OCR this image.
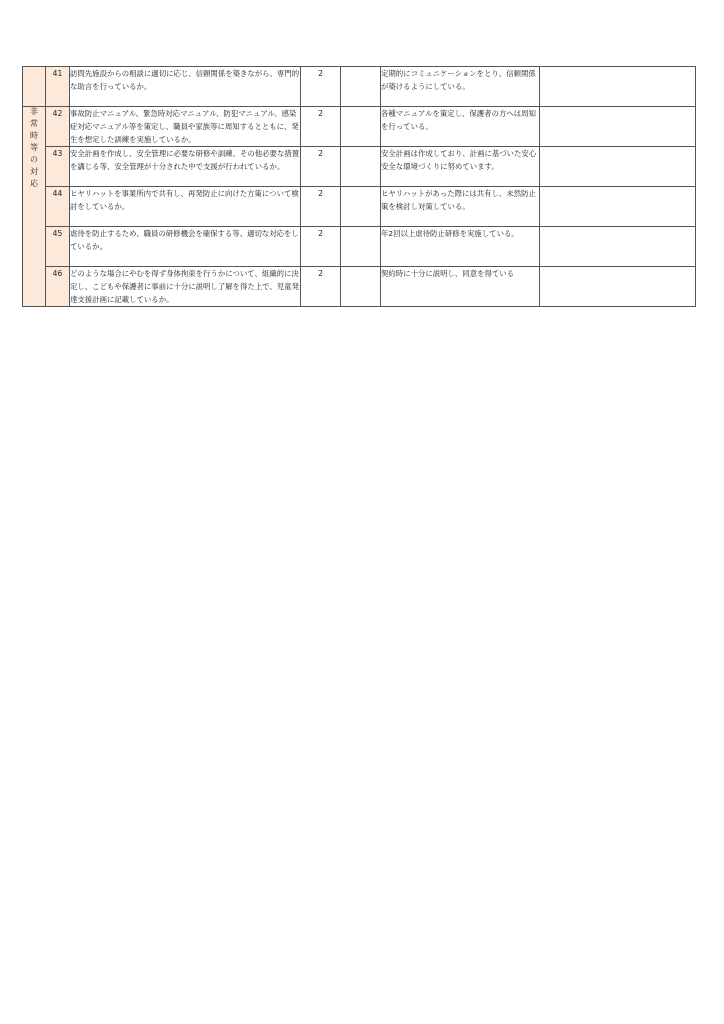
	41	訪問先施設からの相談に適切に応じ、信頼関係を築きながら、専門的な助言を行っているか。	2		定期的にコミュニケーションをとり、信頼関係が築けるようにしている。	
非常時等の対応	42	事故防止マニュアル、緊急時対応マニュアル、防犯マニュアル、感染症対応マニュアル等を策定し、職員や家族等に周知するとともに、発生を想定した訓練を実施しているか。	2		各種マニュアルを策定し、保護者の方へは周知を行っている。	
	43	安全計画を作成し、安全管理に必要な研修や訓練、その他必要な措置を講じる等、安全管理が十分された中で支援が行われているか。	2		安全計画は作成しており、計画に基づいた安心安全な環境づくりに努めています。	
	44	ヒヤリハットを事業所内で共有し、再発防止に向けた方策について検討をしているか。	2		ヒヤリハットがあった際には共有し、未然防止策を検討し対策している。	
	45	虐待を防止するため、職員の研修機会を確保する等、適切な対応をしているか。	2		年2回以上虐待防止研修を実施している。	
	46	どのような場合にやむを得ず身体拘束を行うかについて、組織的に決定し、こどもや保護者に事前に十分に説明し了解を得た上で、児童発達支援計画に記載しているか。	2		契約時に十分に説明し、同意を得ている	
